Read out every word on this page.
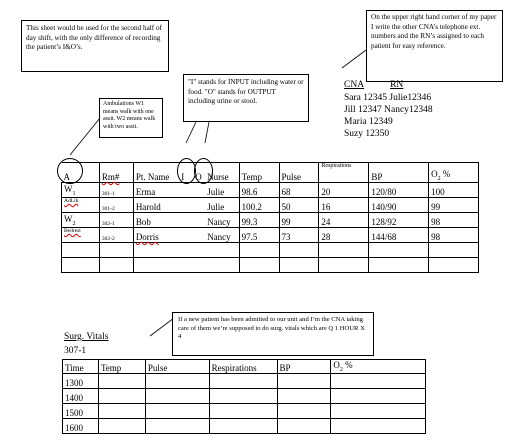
This sheet would be used for the second half of day shift, with the only difference of recording the patient’s I&O’s.
On the upper right hand corner of my paper I write the other CNA’s telephone ext. numbers and the RN’s assigned to each patient for easy reference.
"I" stands for INPUT including water or food. "O" stands for OUTPUT including urine or stool.
Ambulations W1 means walk with one assit. W2 means walk with two assit.
CNA	RN
Sara 12345 Julie12346
Jill 12347 Nancy12348
Maria 12349
Suzy 12350
A	Rm#	Pt. Name	I	O	Nurse	Temp	Pulse	Respirations	BP	$O_2$ %
$W_1$	301-1	Erma			Julie	98.6	68	20	120/80	100
AdLib	301-2	Harold			Julie	100.2	50	16	140/90	99
$W_2$	302-1	Bob			Nancy	99.3	99	24	128/92	98
Bedrest	302-2	Dorris			Nancy	97.5	73	28	144/68	98

If a new patient has been admitted to our unit and I’m the CNA taking care of them we’re supposed to do surg. vitals which are Q 1 HOUR X 4
Surg. Vitals
307-1
Time	Temp	Pulse	Respirations	BP	$O_2$ %
1300					
1400					
1500					
1600					
